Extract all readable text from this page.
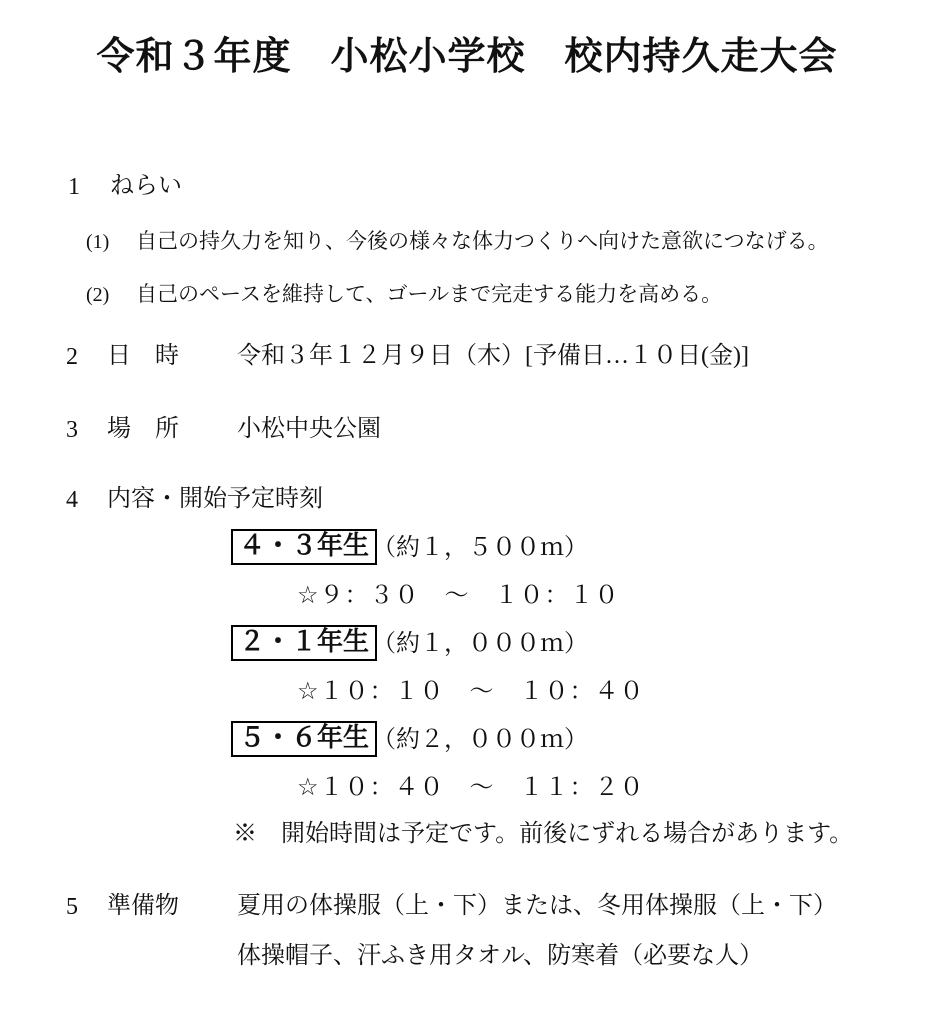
令和３年度　小松小学校　校内持久走大会
1 ねらい
(1) 自己の持久力を知り、今後の様々な体力つくりへ向けた意欲につなげる。
(2) 自己のペースを維持して、ゴールまで完走する能力を高める。
2 日　時 令和３年１２月９日（木）[予備日…１０日(金)]
3 場　所 小松中央公園
4 内容・開始予定時刻
４・３年生 （約１，５００ｍ）
☆９：３０　～　１０：１０
２・１年生 （約１，０００ｍ）
☆１０：１０　～　１０：４０
５・６年生 （約２，０００ｍ）
☆１０：４０　～　１１：２０
※　開始時間は予定です。前後にずれる場合があります。
5 準備物 夏用の体操服（上・下）または、冬用体操服（上・下）
体操帽子、汗ふき用タオル、防寒着（必要な人）
